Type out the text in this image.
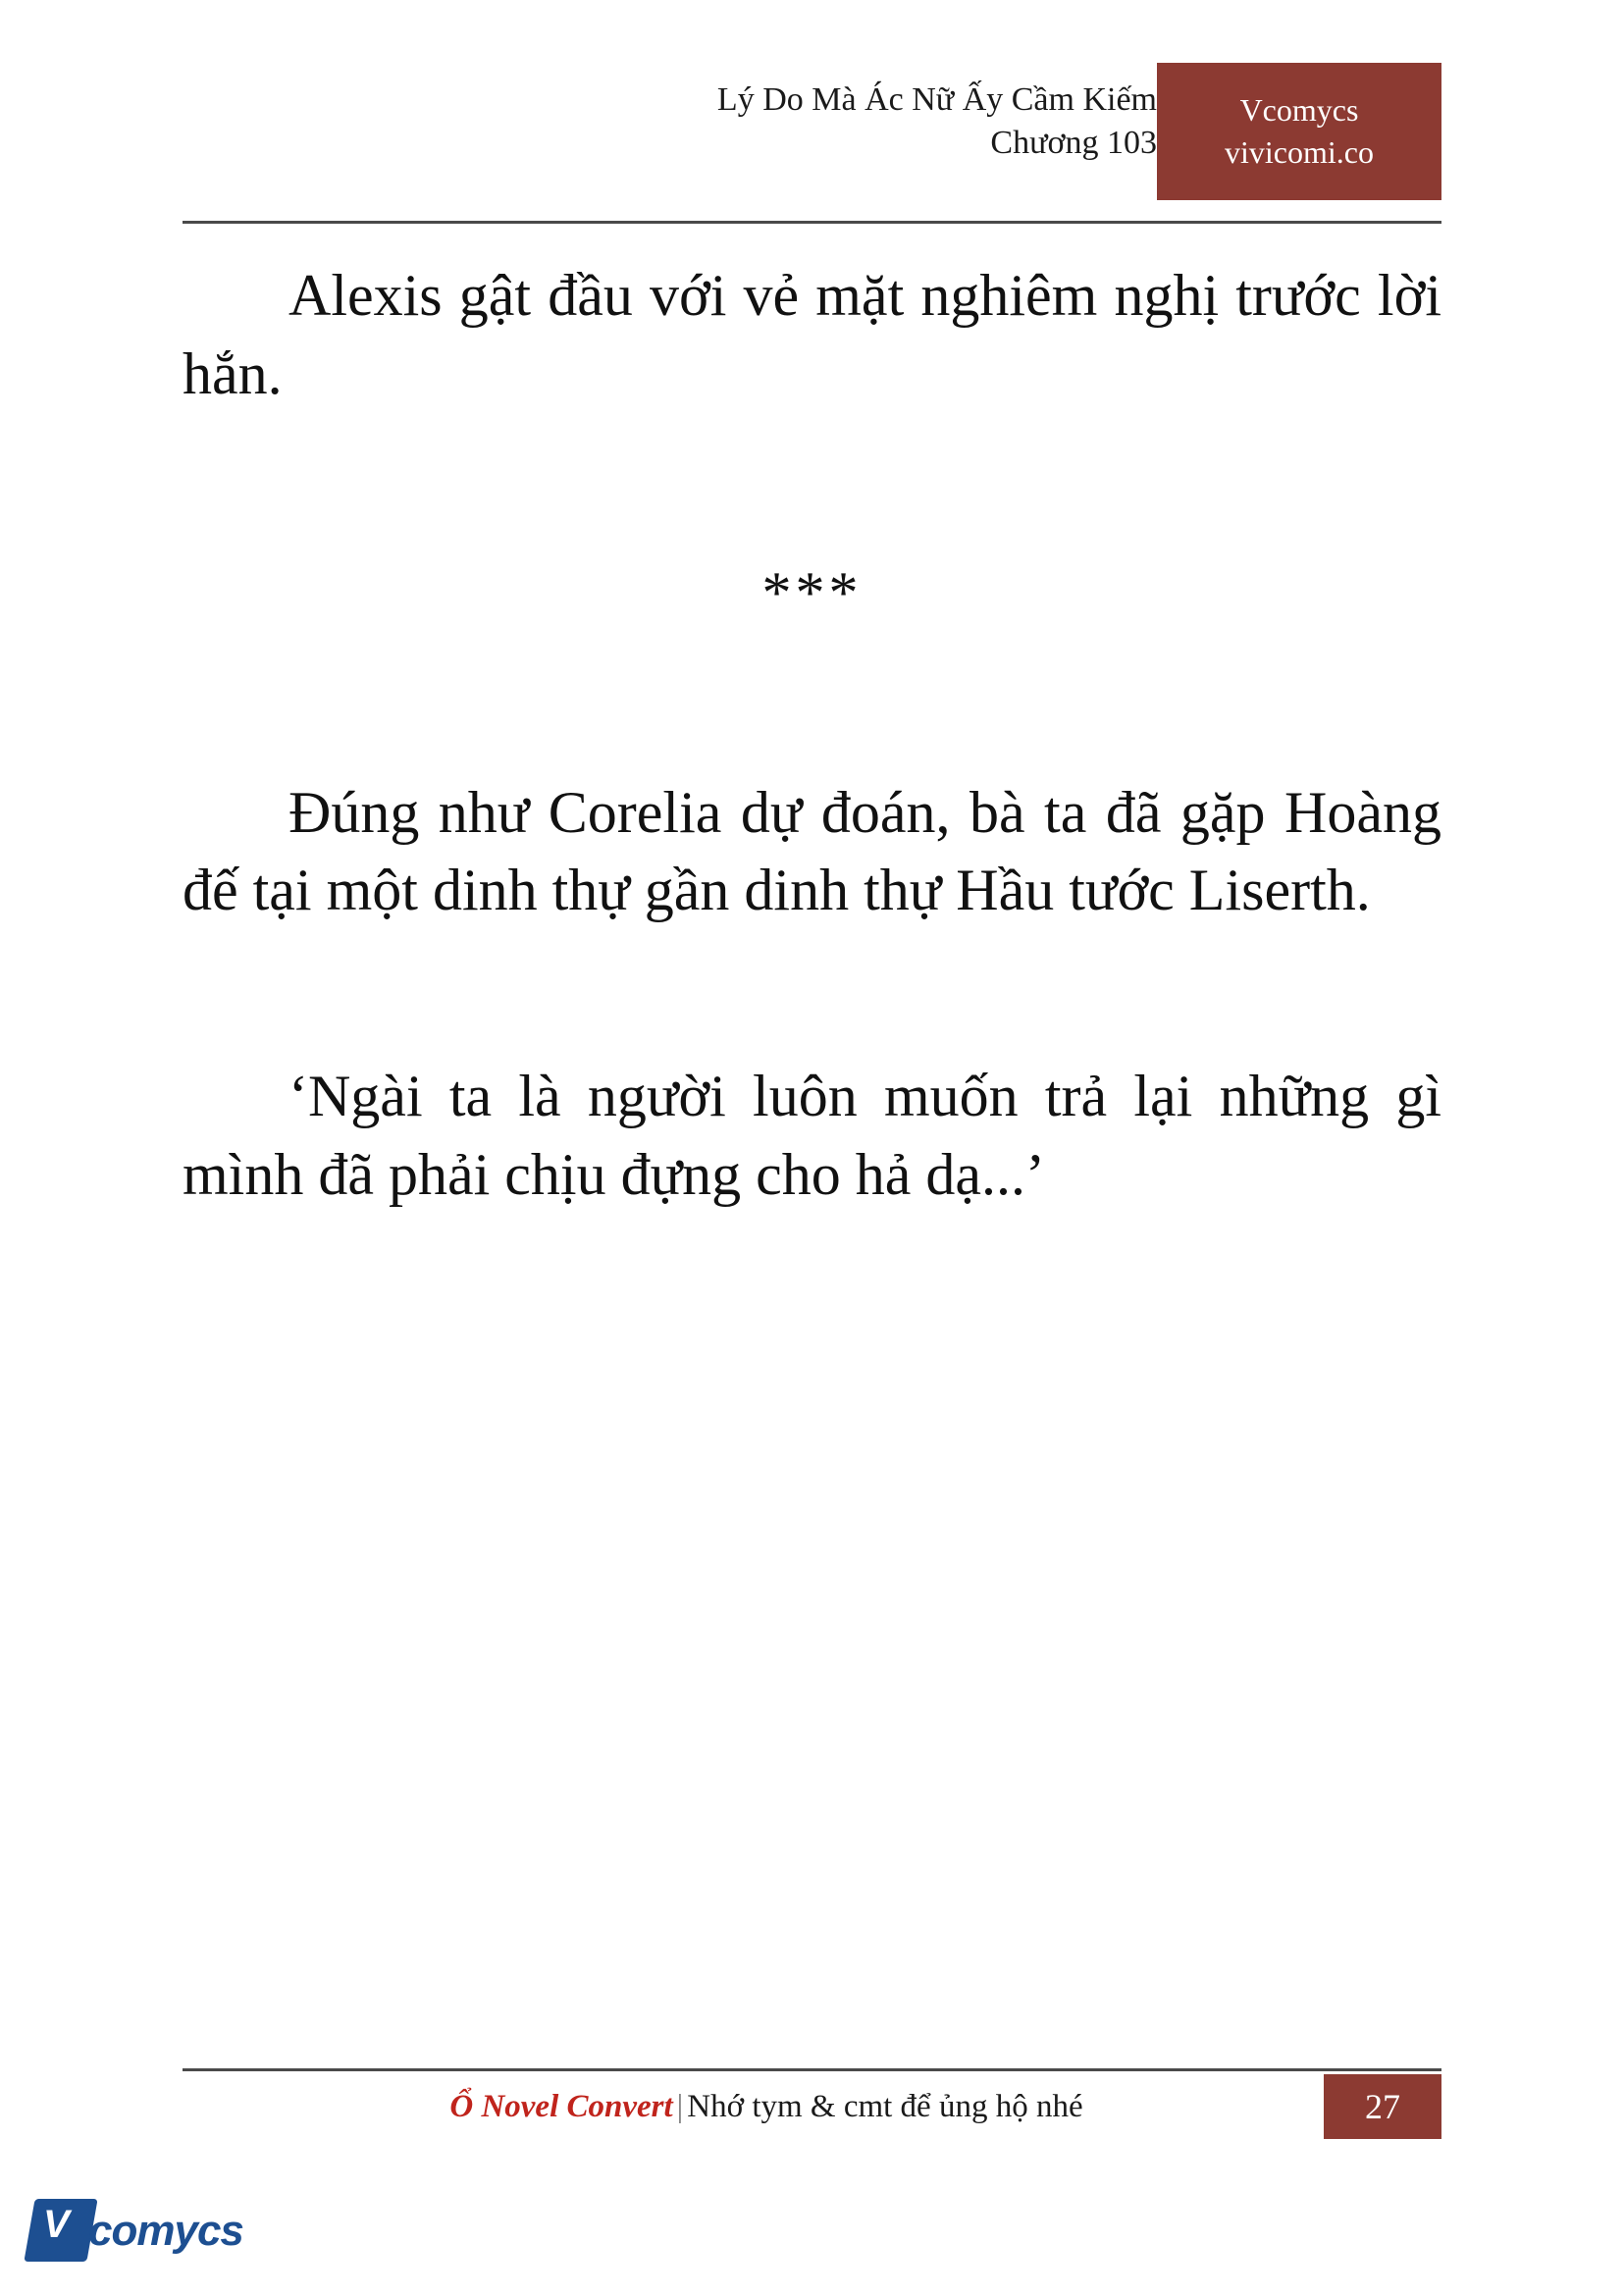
Lý Do Mà Ác Nữ Ấy Cầm Kiếm
Chương 103
Vcomycs
vivicomi.co

Alexis gật đầu với vẻ mặt nghiêm nghị trước lời hắn.

***

Đúng như Corelia dự đoán, bà ta đã gặp Hoàng đế tại một dinh thự gần dinh thự Hầu tước Liserth.

‘Ngài ta là người luôn muốn trả lại những gì mình đã phải chịu đựng cho hả dạ...’

Ổ Novel Convert | Nhớ tym & cmt để ủng hộ nhé	27
V comycs
